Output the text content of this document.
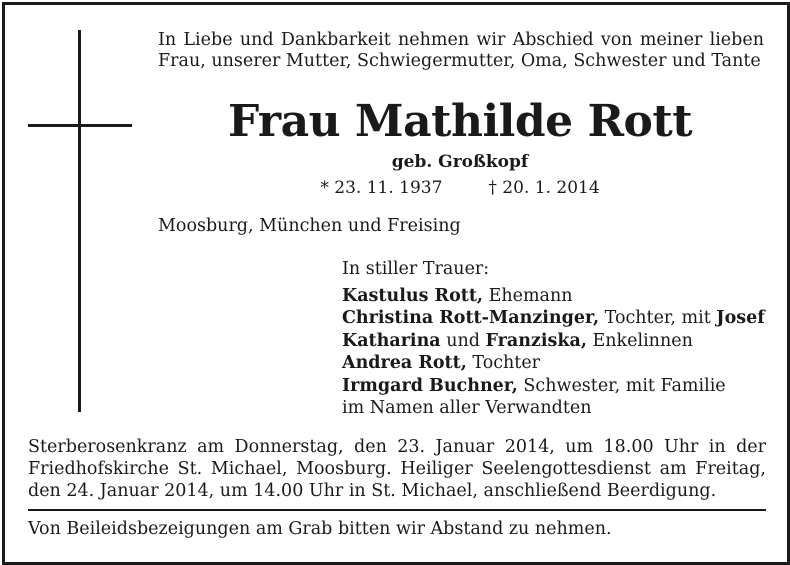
In Liebe und Dankbarkeit nehmen wir Abschied von meiner lieben Frau, unserer Mutter, Schwiegermutter, Oma, Schwester und Tante
Frau Mathilde Rott
geb. Großkopf
* 23. 11. 1937	† 20. 1. 2014
Moosburg, München und Freising
In stiller Trauer:
Kastulus Rott, Ehemann
Christina Rott-Manzinger, Tochter, mit Josef
Katharina und Franziska, Enkelinnen
Andrea Rott, Tochter
Irmgard Buchner, Schwester, mit Familie
im Namen aller Verwandten
Sterberosenkranz am Donnerstag, den 23. Januar 2014, um 18.00 Uhr in der Friedhofskirche St. Michael, Moosburg. Heiliger Seelengottesdienst am Freitag, den 24. Januar 2014, um 14.00 Uhr in St. Michael, anschließend Beerdigung.
Von Beileidsbezeigungen am Grab bitten wir Abstand zu nehmen.
